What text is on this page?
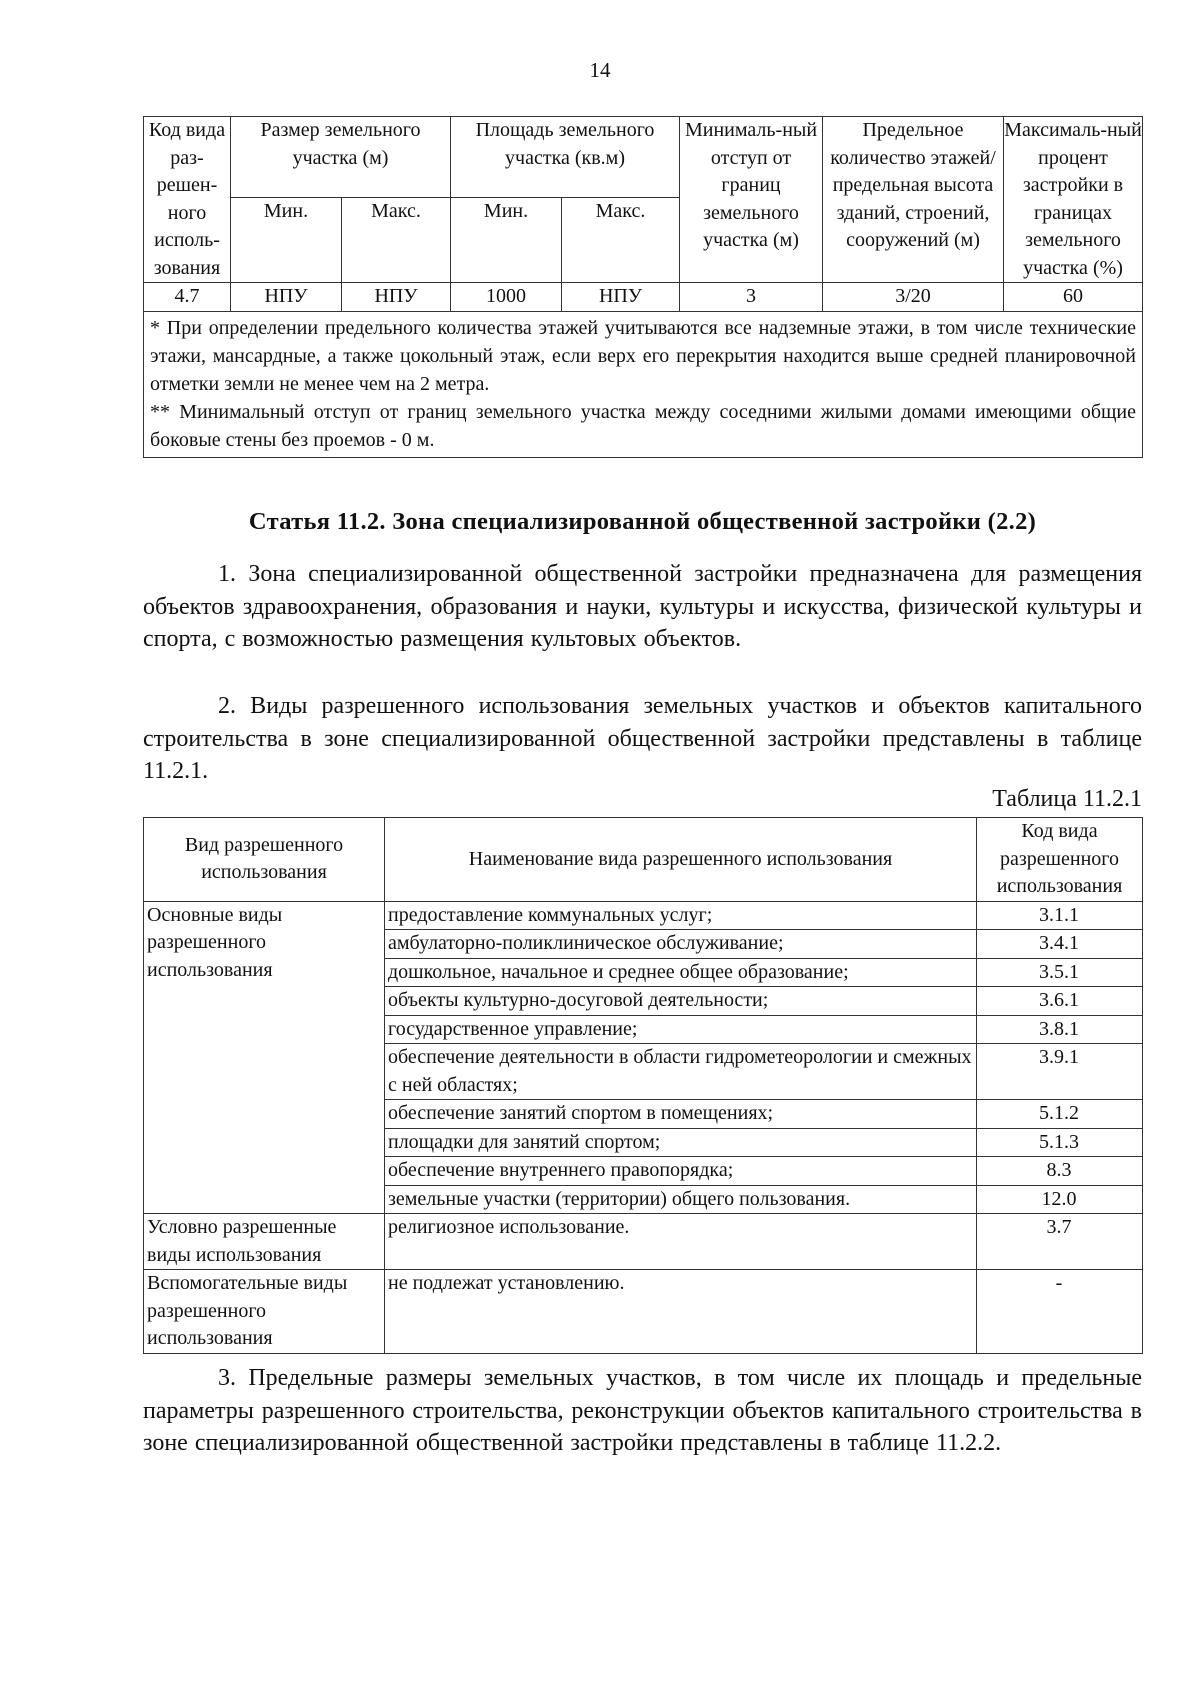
14
Код вида раз-решен-ного исполь-зования	Размер земельного участка (м)		Площадь земельного участка (кв.м)		Минималь-ный отступ от границ земельного участка (м)	Предельное количество этажей/ предельная высота зданий, строений, сооружений (м)	Максималь-ный процент застройки в границах земельного участка (%)
	Мин.	Макс.	Мин.	Макс.			
4.7	НПУ	НПУ	1000	НПУ	3	3/20	60

* При определении предельного количества этажей учитываются все надземные этажи, в том числе технические этажи, мансардные, а также цокольный этаж, если верх его перекрытия находится выше средней планировочной отметки земли не менее чем на 2 метра.
** Минимальный отступ от границ земельного участка между соседними жилыми домами имеющими общие боковые стены без проемов - 0 м.							
Статья 11.2. Зона специализированной общественной застройки (2.2)

1. Зона специализированной общественной застройки предназначена для размещения объектов здравоохранения, образования и науки, культуры и искусства, физической культуры и спорта, с возможностью размещения культовых объектов.

2. Виды разрешенного использования земельных участков и объектов капитального строительства в зоне специализированной общественной застройки представлены в таблице 11.2.1.

Таблица 11.2.1
Вид разрешенного использования	Наименование вида разрешенного использования	Код вида разрешенного использования
Основные виды разрешенного использования	предоставление коммунальных услуг;	3.1.1
	амбулаторно-поликлиническое обслуживание;	3.4.1
	дошкольное, начальное и среднее общее образование;	3.5.1
	объекты культурно-досуговой деятельности;	3.6.1
	государственное управление;	3.8.1
	обеспечение деятельности в области гидрометеорологии и смежных с ней областях;	3.9.1
	обеспечение занятий спортом в помещениях;	5.1.2
	площадки для занятий спортом;	5.1.3
	обеспечение внутреннего правопорядка;	8.3
	земельные участки (территории) общего пользования.	12.0
Условно разрешенные виды использования	религиозное использование.	3.7
Вспомогательные виды разрешенного использования	не подлежат установлению.	-

3. Предельные размеры земельных участков, в том числе их площадь и предельные параметры разрешенного строительства, реконструкции объектов капитального строительства в зоне специализированной общественной застройки представлены в таблице 11.2.2.
